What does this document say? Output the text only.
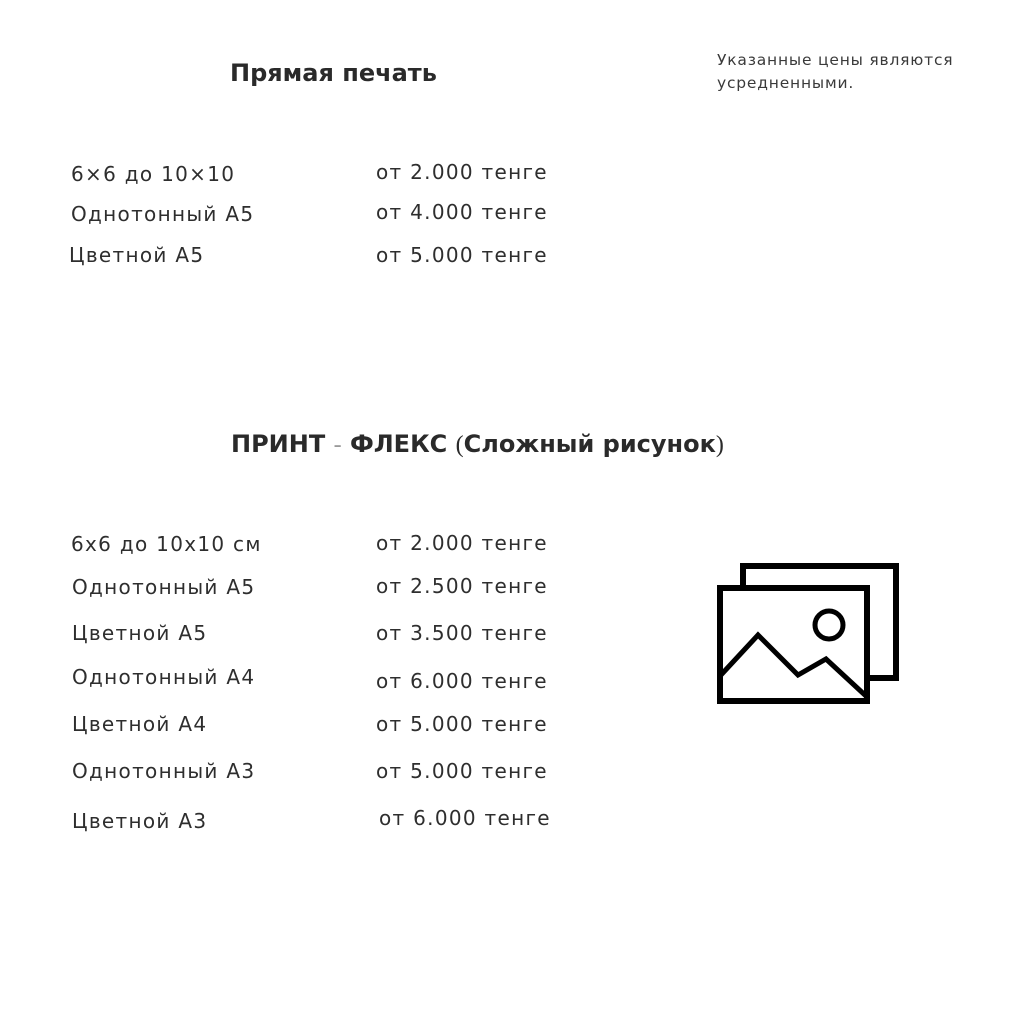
Прямая печать	Указанные цены являются усредненными.
6×6 до 10×10	от 2.000 тенге
Однотонный А5	от 4.000 тенге
Цветной А5	от 5.000 тенге
ПРИНТ - ФЛЕКС (Сложный рисунок)
6х6 до 10х10 см	от 2.000 тенге
Однотонный А5	от 2.500 тенге
Цветной А5	от 3.500 тенге
Однотонный А4	от 6.000 тенге
Цветной А4	от 5.000 тенге
Однотонный А3	от 5.000 тенге
Цветной А3	от 6.000 тенге
